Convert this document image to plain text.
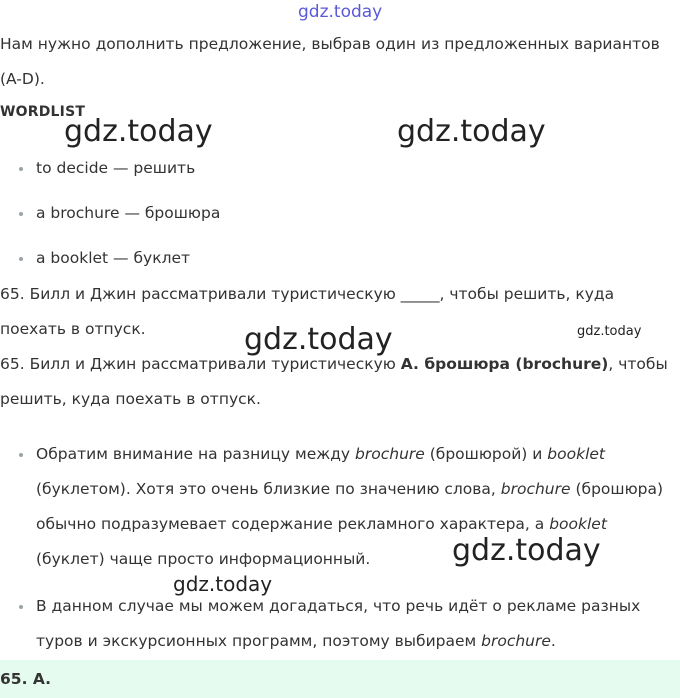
gdz.today

Нам нужно дополнить предложение, выбрав один из предложенных вариантов (A-D).

WORDLIST
gdz.today	gdz.today
to decide — решить
a brochure — брошюра
a booklet — буклет

65. Билл и Джин рассматривали туристическую _____, чтобы решить, куда поехать в отпуск.	gdz.today	gdz.today

65. Билл и Джин рассматривали туристическую A. брошюра (brochure), чтобы решить, куда поехать в отпуск.

Обратим внимание на разницу между brochure (брошюрой) и booklet (буклетом). Хотя это очень близкие по значению слова, brochure (брошюра) обычно подразумевает содержание рекламного характера, а booklet (буклет) чаще просто информационный.
В данном случае мы можем догадаться, что речь идёт о рекламе разных туров и экскурсионных программ, поэтому выбираем brochure.
gdz.today
gdz.today
65. A.
